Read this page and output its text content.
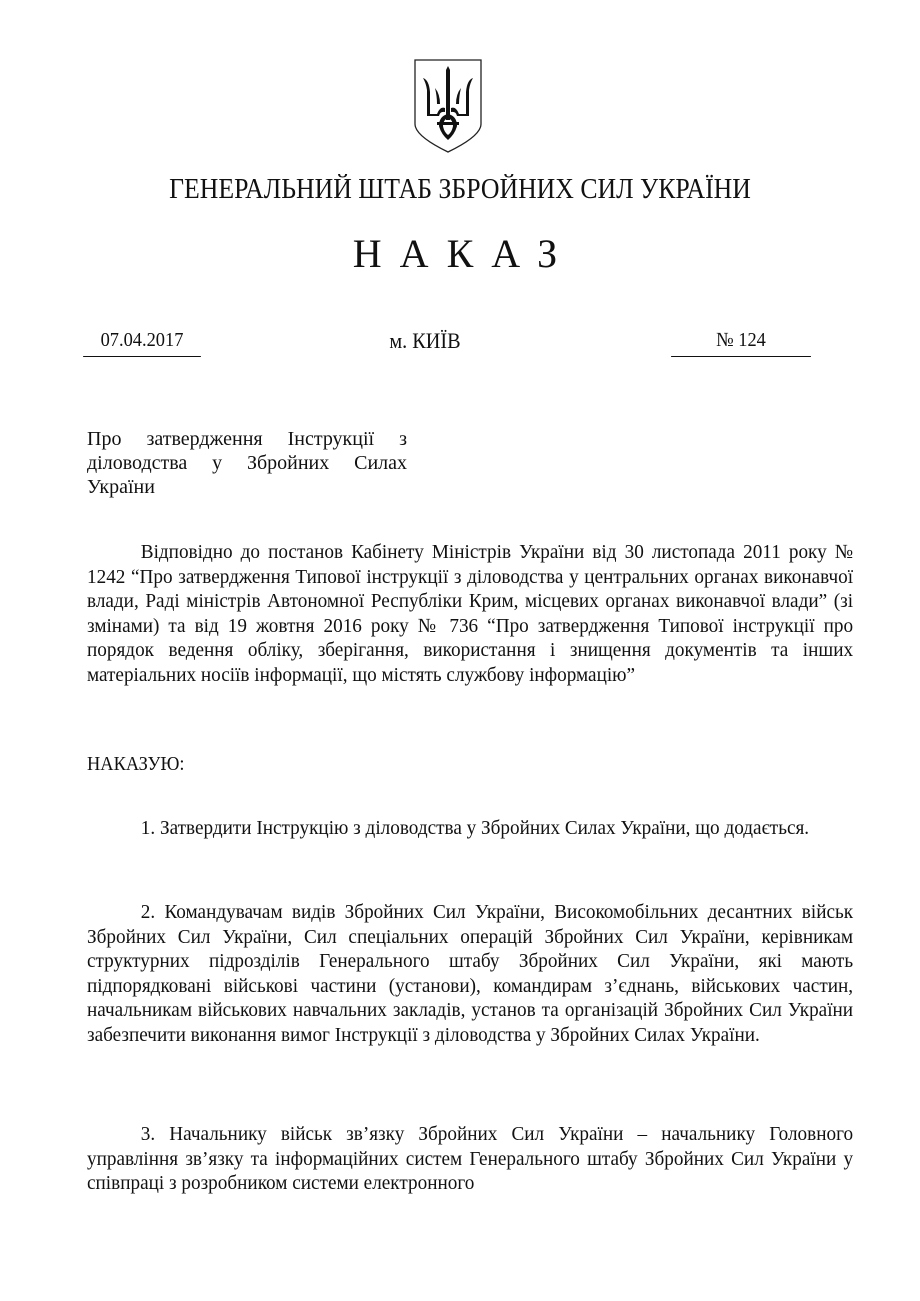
ГЕНЕРАЛЬНИЙ ШТАБ ЗБРОЙНИХ СИЛ УКРАЇНИ
НАКАЗ
07.04.2017	м. КИЇВ	№ 124
Про затвердження Інструкції з діловодства у Збройних Силах України
Відповідно до постанов Кабінету Міністрів України від 30 листопада 2011 року № 1242 “Про затвердження Типової інструкції з діловодства у центральних органах виконавчої влади, Раді міністрів Автономної Республіки Крим, місцевих органах виконавчої влади” (зі змінами) та від 19 жовтня 2016 року № 736 “Про затвердження Типової інструкції про порядок ведення обліку, зберігання, використання і знищення документів та інших матеріальних носіїв інформації, що містять службову інформацію”
НАКАЗУЮ:
1. Затвердити Інструкцію з діловодства у Збройних Силах України, що додається.
2. Командувачам видів Збройних Сил України, Високомобільних десантних військ Збройних Сил України, Сил спеціальних операцій Збройних Сил України, керівникам структурних підрозділів Генерального штабу Збройних Сил України, які мають підпорядковані військові частини (установи), командирам з’єднань, військових частин, начальникам військових навчальних закладів, установ та організацій Збройних Сил України забезпечити виконання вимог Інструкції з діловодства у Збройних Силах України.
3. Начальнику військ зв’язку Збройних Сил України – начальнику Головного управління зв’язку та інформаційних систем Генерального штабу Збройних Сил України у співпраці з розробником системи електронного
